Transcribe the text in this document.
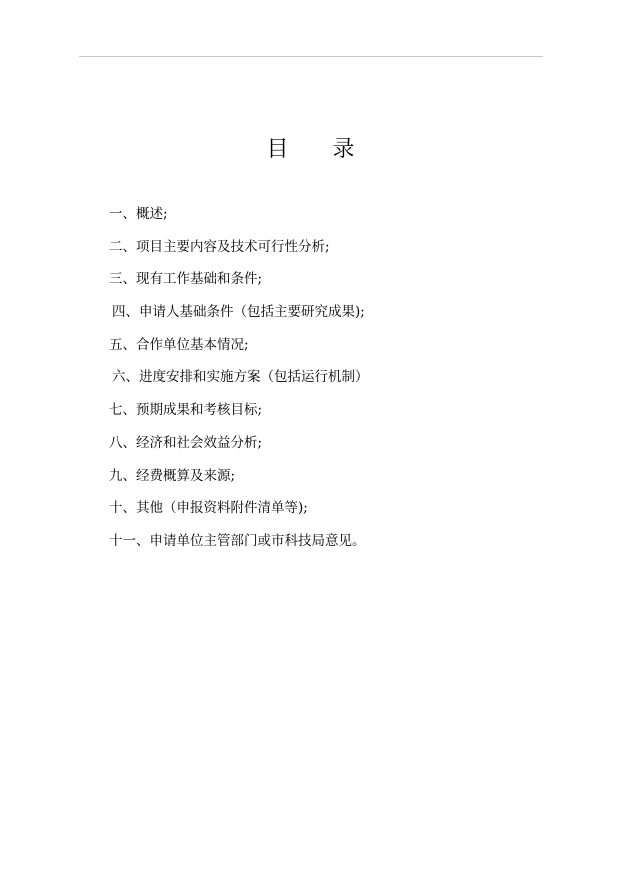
目 录
一、概述;
二、项目主要内容及技术可行性分析;
三、现有工作基础和条件;
四、申请人基础条件（包括主要研究成果);
五、合作单位基本情况;
六、进度安排和实施方案（包括运行机制）
七、预期成果和考核目标;
八、经济和社会效益分析;
九、经费概算及来源;
十、其他（申报资料附件清单等);
十一、申请单位主管部门或市科技局意见。
